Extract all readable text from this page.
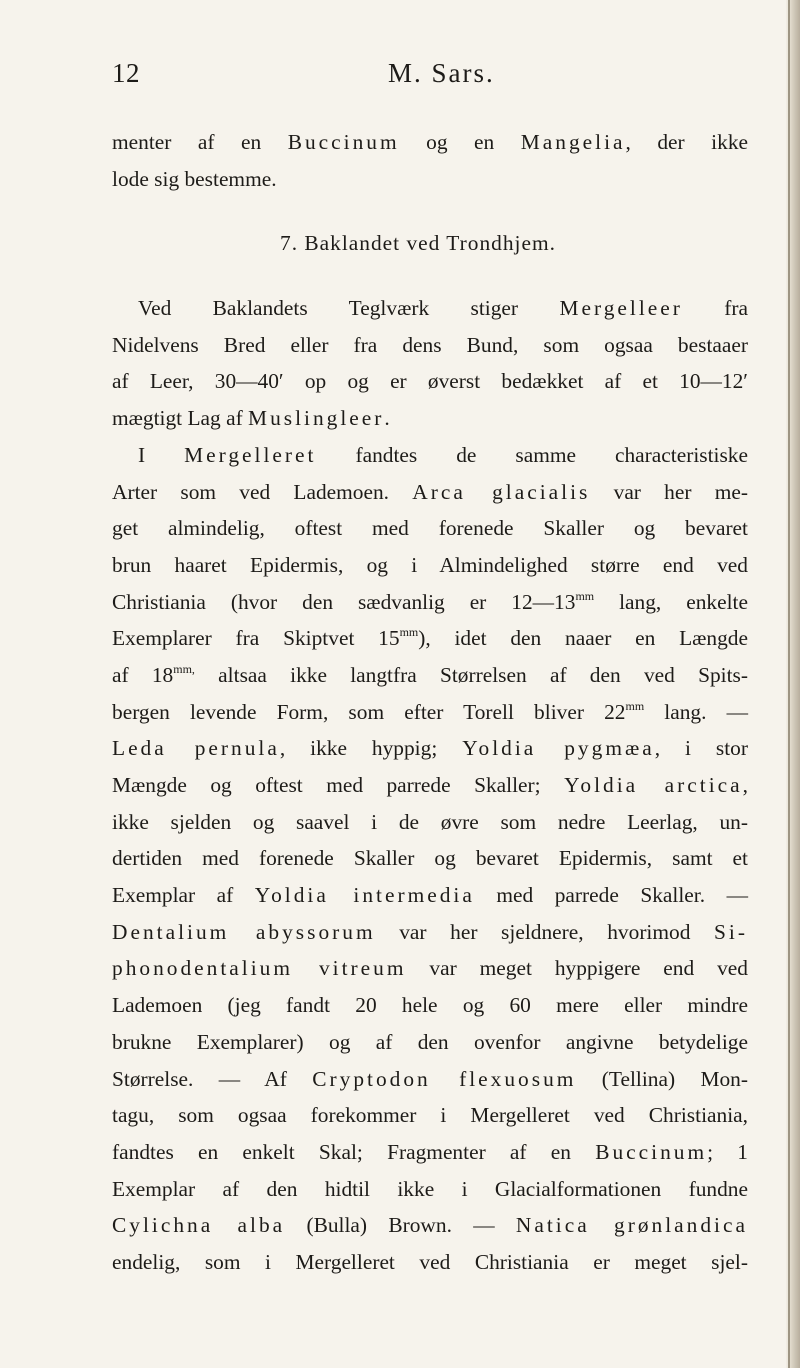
12	M. Sars.
menter af en Buccinum og en Mangelia, der ikke
lode sig bestemme.
7. Baklandet ved Trondhjem.
Ved Baklandets Teglværk stiger Mergelleer fra
Nidelvens Bred eller fra dens Bund, som ogsaa bestaaer
af Leer, 30—40′ op og er øverst bedækket af et 10—12′
mægtigt Lag af Muslingleer.
I Mergelleret fandtes de samme characteristiske
Arter som ved Lademoen. Arca glacialis var her me-
get almindelig, oftest med forenede Skaller og bevaret
brun haaret Epidermis, og i Almindelighed større end ved
Christiania (hvor den sædvanlig er $12—13^{mm}$ lang, enkelte
Exemplarer fra Skiptvet $15^{mm}$), idet den naaer en Længde
af $18^{mm,}$ altsaa ikke langtfra Størrelsen af den ved Spits-
bergen levende Form, som efter Torell bliver $22^{mm}$ lang. —
Leda pernula, ikke hyppig; Yoldia pygmæa, i stor
Mængde og oftest med parrede Skaller; Yoldia arctica,
ikke sjelden og saavel i de øvre som nedre Leerlag, un-
dertiden med forenede Skaller og bevaret Epidermis, samt et
Exemplar af Yoldia intermedia med parrede Skaller. —
Dentalium abyssorum var her sjeldnere, hvorimod Si-
phonodentalium vitreum var meget hyppigere end ved
Lademoen (jeg fandt 20 hele og 60 mere eller mindre
brukne Exemplarer) og af den ovenfor angivne betydelige
Størrelse. — Af Cryptodon flexuosum (Tellina) Mon-
tagu, som ogsaa forekommer i Mergelleret ved Christiania,
fandtes en enkelt Skal; Fragmenter af en Buccinum; 1
Exemplar af den hidtil ikke i Glacialformationen fundne
Cylichna alba (Bulla) Brown. — Natica grønlandica
endelig, som i Mergelleret ved Christiania er meget sjel-
